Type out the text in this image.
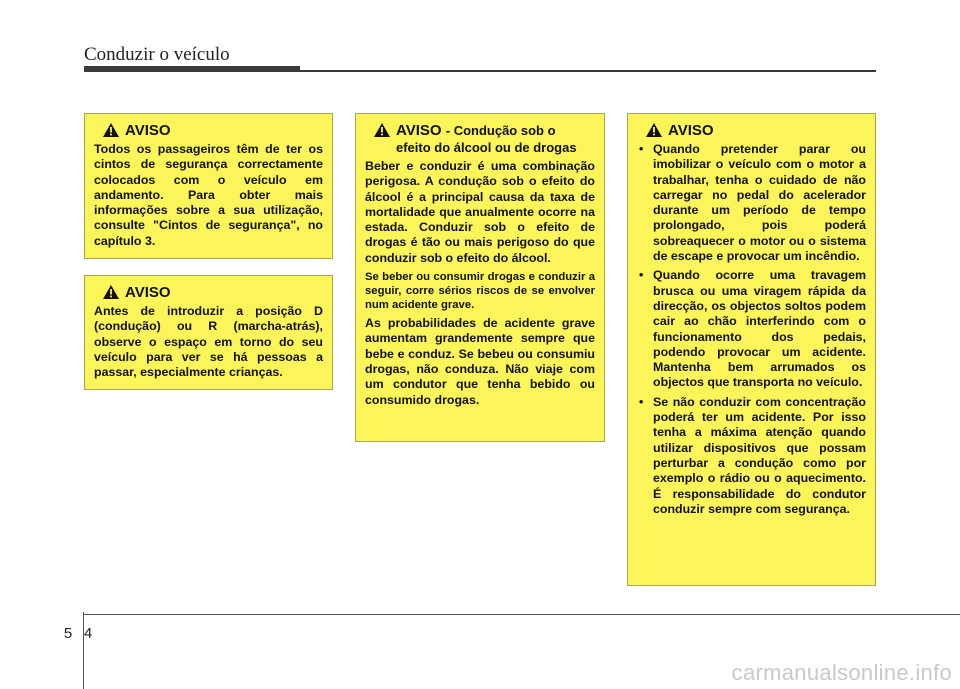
Conduzir o veículo
AVISO

Todos os passageiros têm de ter os cintos de segurança correctamente colocados com o veículo em andamento. Para obter mais informações sobre a sua utilização, consulte "Cintos de segurança", no capítulo 3.

AVISO

Antes de introduzir a posição D (condução) ou R (marcha-atrás), observe o espaço em torno do seu veículo para ver se há pessoas a passar, especialmente crianças.

AVISO - Condução sob o
efeito do álcool ou de drogas

Beber e conduzir é uma combinação perigosa. A condução sob o efeito do álcool é a principal causa da taxa de mortalidade que anualmente ocorre na estada. Conduzir sob o efeito de drogas é tão ou mais perigoso do que conduzir sob o efeito do álcool.

Se beber ou consumir drogas e conduzir a seguir, corre sérios riscos de se envolver num acidente grave.

As probabilidades de acidente grave aumentam grandemente sempre que bebe e conduz. Se bebeu ou consumiu drogas, não conduza. Não viaje com um condutor que tenha bebido ou consumido drogas.

AVISO
• Quando pretender parar ou imobilizar o veículo com o motor a trabalhar, tenha o cuidado de não carregar no pedal do acelerador durante um período de tempo prolongado, pois poderá sobreaquecer o motor ou o sistema de escape e provocar um incêndio.
• Quando ocorre uma travagem brusca ou uma viragem rápida da direcção, os objectos soltos podem cair ao chão interferindo com o funcionamento dos pedais, podendo provocar um acidente. Mantenha bem arrumados os objectos que transporta no veículo.
• Se não conduzir com concentração poderá ter um acidente. Por isso tenha a máxima atenção quando utilizar dispositivos que possam perturbar a condução como por exemplo o rádio ou o aquecimento. É responsabilidade do condutor conduzir sempre com segurança.
5 4
carmanualsonline.info
